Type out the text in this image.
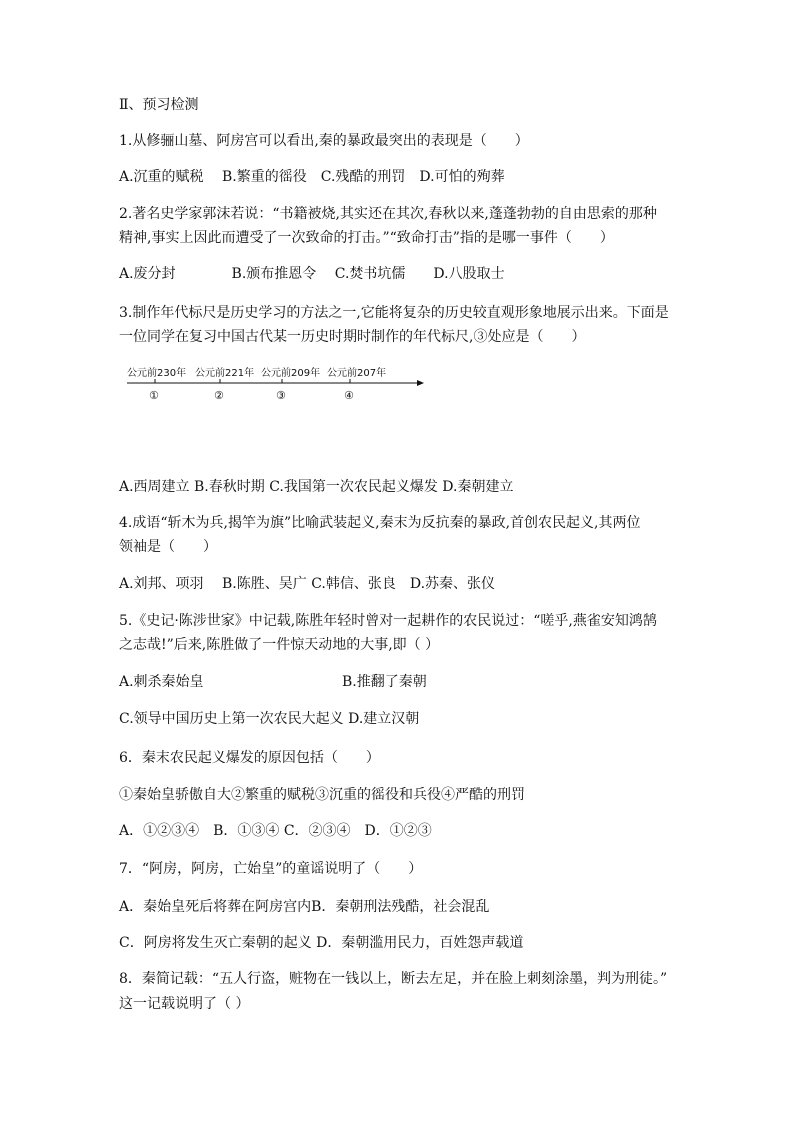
Ⅱ、预习检测
1.从修骊山墓、阿房宫可以看出,秦的暴政最突出的表现是（　　）
A.沉重的赋税　 B.繁重的徭役　C.残酷的刑罚　D.可怕的殉葬
2.著名史学家郭沫若说：“书籍被烧,其实还在其次,春秋以来,蓬蓬勃勃的自由思索的那种
精神,事实上因此而遭受了一次致命的打击。”“致命打击”指的是哪一事件（　　）
A.废分封　　　　B.颁布推恩令　 C.焚书坑儒　　D.八股取士
3.制作年代标尺是历史学习的方法之一,它能将复杂的历史较直观形象地展示出来。下面是
一位同学在复习中国古代某一历史时期时制作的年代标尺,③处应是（　　）
公元前230年 公元前221年 公元前209年 公元前207年
①	②	③	④
A.西周建立 B.春秋时期 C.我国第一次农民起义爆发 D.秦朝建立
4.成语“斩木为兵,揭竿为旗”比喻武装起义,秦末为反抗秦的暴政,首创农民起义,其两位
领袖是（　　）
A.刘邦、项羽　 B.陈胜、吴广 C.韩信、张良　D.苏秦、张仪
5.《史记·陈涉世家》中记载,陈胜年轻时曾对一起耕作的农民说过：“嗟乎,燕雀安知鸿鹄
之志哉!”后来,陈胜做了一件惊天动地的大事,即（ ）
A.刺杀秦始皇	B.推翻了秦朝
C.领导中国历史上第一次农民大起义 D.建立汉朝
6．秦末农民起义爆发的原因包括（　　）
①秦始皇骄傲自大②繁重的赋税③沉重的徭役和兵役④严酷的刑罚
A．①②③④　B．①③④ C．②③④　D．①②③
7．“阿房，阿房，亡始皇”的童谣说明了（　　）
A．秦始皇死后将葬在阿房宫内B．秦朝刑法残酷，社会混乱
C．阿房将发生灭亡秦朝的起义 D．秦朝滥用民力，百姓怨声载道
8．秦简记载：“五人行盗，赃物在一钱以上，断去左足，并在脸上刺刻涂墨，判为刑徒。”
这一记载说明了（ ）
